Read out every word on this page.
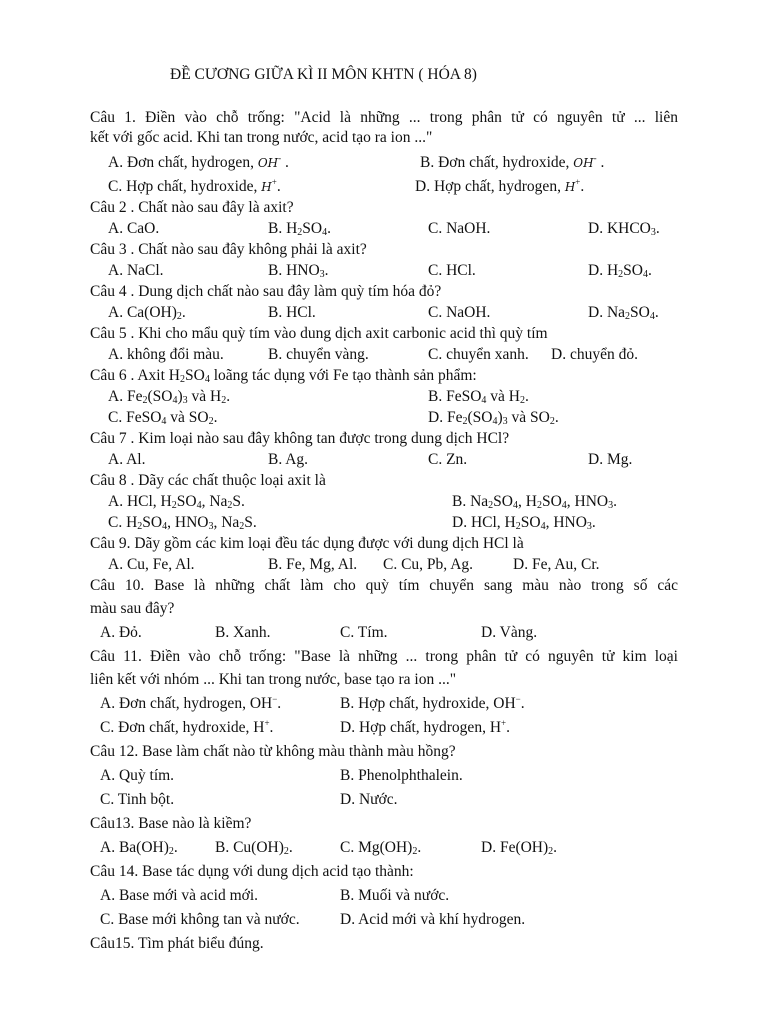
ĐỀ CƯƠNG GIỮA KÌ II MÔN KHTN ( HÓA 8)
Câu 1. Điền vào chỗ trống: "Acid là những ... trong phân tử có nguyên tử ... liên
kết với gốc acid. Khi tan trong nước, acid tạo ra ion ..."
A. Đơn chất, hydrogen, OH- .	B. Đơn chất, hydroxide, OH- .
C. Hợp chất, hydroxide, H+.	D. Hợp chất, hydrogen, H+.
Câu 2 . Chất nào sau đây là axit?
A. CaO.	B. $H_2SO_4$.	C. NaOH.	D. $KHCO_3$.
Câu 3 . Chất nào sau đây không phải là axit?
A. NaCl.	B. $HNO_3$.	C. HCl.	D. $H_2SO_4$.
Câu 4 . Dung dịch chất nào sau đây làm quỳ tím hóa đỏ?
A. $Ca(OH)_2$.	B. HCl.	C. NaOH.	D. $Na_2SO_4$.
Câu 5 . Khi cho mẩu quỳ tím vào dung dịch axit carbonic acid thì quỳ tím
A. không đổi màu.	B. chuyển vàng.	C. chuyển xanh. D. chuyển đỏ.
Câu 6 . Axit $H_2SO_4$ loãng tác dụng với Fe tạo thành sản phẩm:
A. $Fe_2(SO_4)_3$ và $H_2$.	B. FeSO$_4$ và $H_2$.
C. FeSO$_4$ và $SO_2$.	D. $Fe_2(SO_4)_3$ và $SO_2$.
Câu 7 . Kim loại nào sau đây không tan được trong dung dịch HCl?
A. Al.	B. Ag.	C. Zn.	D. Mg.
Câu 8 . Dãy các chất thuộc loại axit là
A. HCl, $H_2SO_4$, $Na_2S$.	B. $Na_2SO_4$, $H_2SO_4$, $HNO_3$.
C. $H_2SO_4$, $HNO_3$, $Na_2S$.	D. HCl, $H_2SO_4$, $HNO_3$.
Câu 9. Dãy gồm các kim loại đều tác dụng được với dung dịch HCl là
A. Cu, Fe, Al.	B. Fe, Mg, Al. C. Cu, Pb, Ag.	D. Fe, Au, Cr.
Câu 10. Base là những chất làm cho quỳ tím chuyển sang màu nào trong số các
màu sau đây?
A. Đỏ.	B. Xanh.	C. Tím.	D. Vàng.
Câu 11. Điền vào chỗ trống: "Base là những ... trong phân tử có nguyên tử kim loại
liên kết với nhóm ... Khi tan trong nước, base tạo ra ion ..."
A. Đơn chất, hydrogen, OH−.	B. Hợp chất, hydroxide, OH−.
C. Đơn chất, hydroxide, H+.	D. Hợp chất, hydrogen, H+.
Câu 12. Base làm chất nào từ không màu thành màu hồng?
A. Quỳ tím.	B. Phenolphthalein.
C. Tinh bột.	D. Nước.
Câu13. Base nào là kiềm?
A. $Ba(OH)_2$. B. $Cu(OH)_2$.	C. $Mg(OH)_2$.	D. $Fe(OH)_2$.
Câu 14. Base tác dụng với dung dịch acid tạo thành:
A. Base mới và acid mới.	B. Muối và nước.
C. Base mới không tan và nước.	D. Acid mới và khí hydrogen.
Câu15. Tìm phát biểu đúng.
